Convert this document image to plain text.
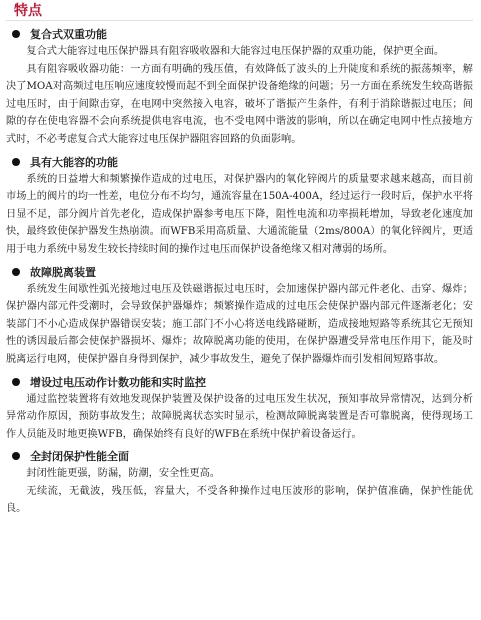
特点
复合式双重功能

复合式大能容过电压保护器具有阻容吸收器和大能容过电压保护器的双重功能，保护更全面。

具有阻容吸收器功能：一方面有明确的残压值，有效降低了波头的上升陡度和系统的振荡频率，解决了MOA对高频过电压响应速度较慢而起不到全面保护设备绝缘的问题；另一方面在系统发生较高谐振过电压时，由于间隙击穿，在电网中突然接入电容，破坏了谐振产生条件，有利于消除谐振过电压；间隙的存在使电容器不会向系统提供电容电流，也不受电网中谐波的影响，所以在确定电网中性点接地方式时，不必考虑复合式大能容过电压保护器阻容回路的负面影响。

具有大能容的功能

系统的日益增大和频繁操作造成的过电压，对保护器内的氧化锌阀片的质量要求越来越高，而目前市场上的阀片的均一性差，电位分布不均匀，通流容量在150A-400A，经过运行一段时后，保护水平将日显不足，部分阀片首先老化，造成保护器参考电压下降，阻性电流和功率损耗增加，导致老化速度加快，最终致使保护器发生热崩溃。而WFB采用高质量、大通流能量（2ms/800A）的氧化锌阀片，更适用于电力系统中易发生较长持续时间的操作过电压而保护设备绝缘又相对薄弱的场所。

故障脱离装置

系统发生间歇性弧光接地过电压及铁磁谐振过电压时，会加速保护器内部元件老化、击穿、爆炸；保护器内部元件受潮时，会导致保护器爆炸；频繁操作造成的过电压会使保护器内部元件逐渐老化；安装部门不小心造成保护器错误安装；施工部门不小心将送电线路碰断，造成接地短路等系统其它无预知性的诱因最后都会使保护器损坏、爆炸；故障脱离功能的使用，在保护器遭受异常电压作用下，能及时脱离运行电网，使保护器自身得到保护，减少事故发生，避免了保护器爆炸而引发相间短路事故。

增设过电压动作计数功能和实时监控

通过监控装置将有效地发现保护装置及保护设备的过电压发生状况，预知事故异常情况，达到分析异常动作原因，预防事故发生；故障脱离状态实时显示，检测故障脱离装置是否可靠脱离，使得现场工作人员能及时地更换WFB，确保始终有良好的WFB在系统中保护着设备运行。

全封闭保护性能全面

封闭性能更强，防漏，防潮，安全性更高。

无续流，无截波，残压低，容量大，不受各种操作过电压波形的影响，保护值准确，保护性能优良。
